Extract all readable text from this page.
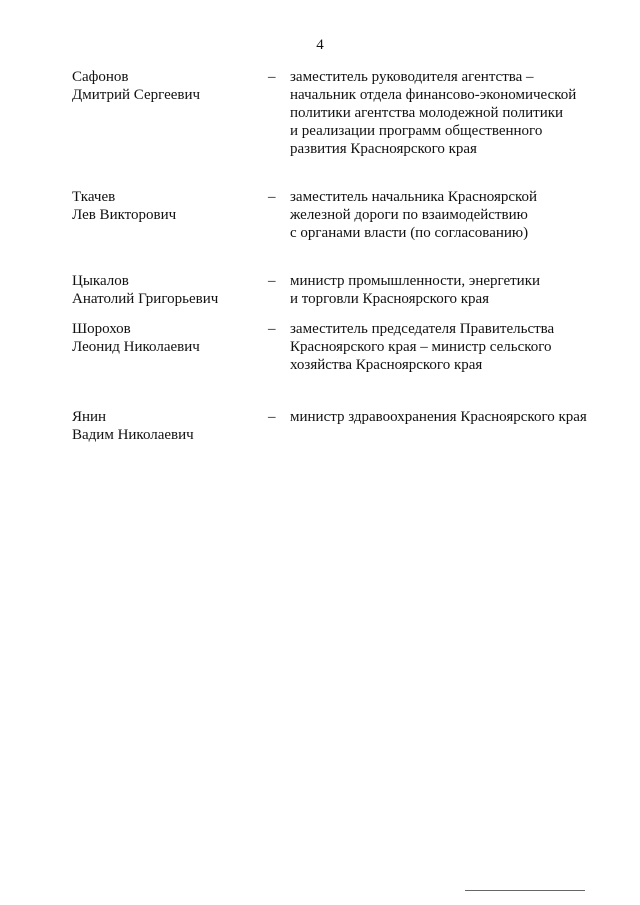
4
Сафонов
Дмитрий Сергеевич
– заместитель руководителя агентства –
начальник отдела финансово-экономической
политики агентства молодежной политики
и реализации программ общественного
развития Красноярского края
Ткачев
Лев Викторович
– заместитель начальника Красноярской
железной дороги по взаимодействию
с органами власти (по согласованию)
Цыкалов
Анатолий Григорьевич
– министр промышленности, энергетики
и торговли Красноярского края
Шорохов
Леонид Николаевич
– заместитель председателя Правительства
Красноярского края – министр сельского
хозяйства Красноярского края
Янин
Вадим Николаевич
– министр здравоохранения Красноярского края
